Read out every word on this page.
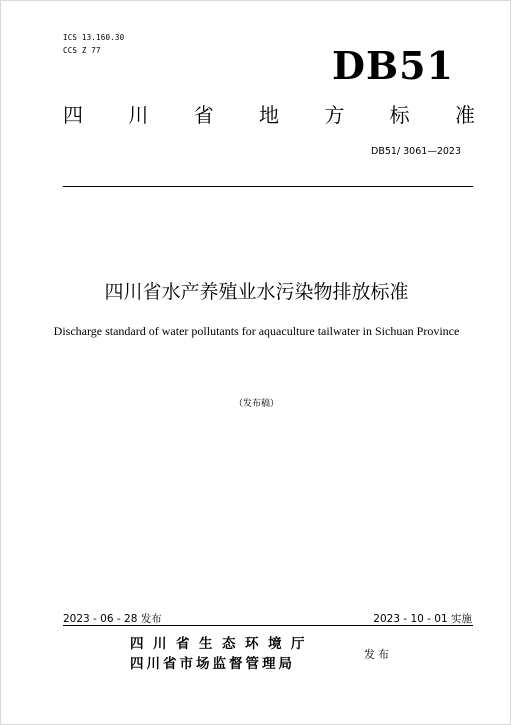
ICS 13.160.30
CCS Z 77	DB51
四 川 省 地 方 标 准
DB51/ 3061—2023
四川省水产养殖业水污染物排放标准
Discharge standard of water pollutants for aquaculture tailwater in Sichuan Province
（发布稿）
2023 - 06 - 28 发布	2023 - 10 - 01 实施
四川省生态环境厅
四川省市场监督管理局
发布
